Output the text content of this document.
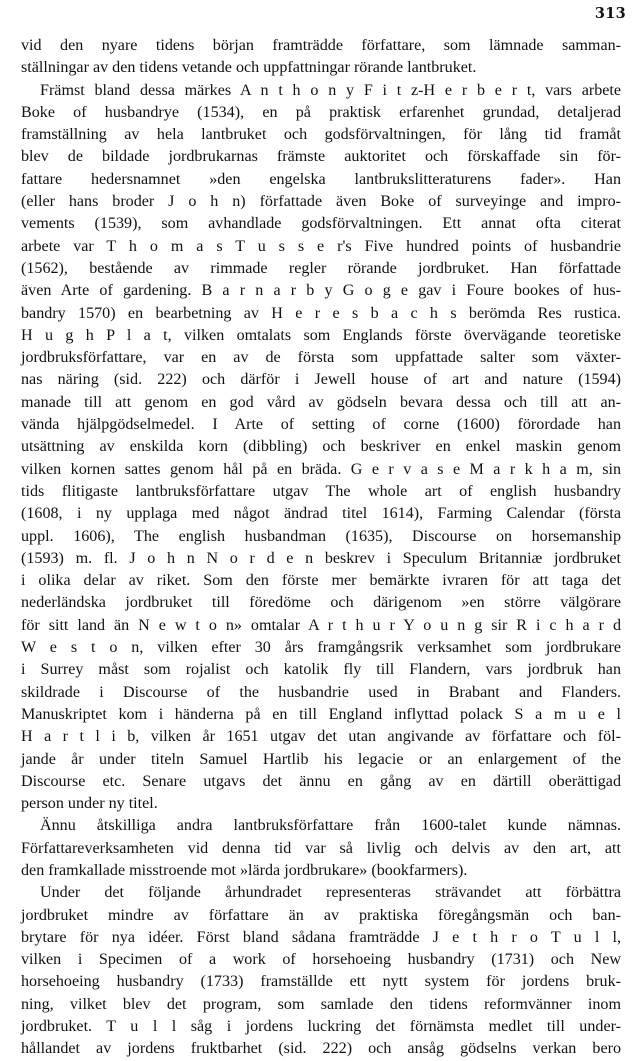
313
vid den nyare tidens början framträdde författare, som lämnade samman-
ställningar av den tidens vetande och uppfattningar rörande lantbruket.
Främst bland dessa märkes A n t h o n y F i t z-H e r b e r t, vars arbete
Boke of husbandrye (1534), en på praktisk erfarenhet grundad, detaljerad
framställning av hela lantbruket och godsförvaltningen, för lång tid framåt
blev de bildade jordbrukarnas främste auktoritet och förskaffade sin för-
fattare hedersnamnet »den engelska lantbrukslitteraturens fader». Han
(eller hans broder J o h n) författade även Boke of surveyinge and impro-
vements (1539), som avhandlade godsförvaltningen. Ett annat ofta citerat
arbete var T h o m a s T u s s e r's Five hundred points of husbandrie
(1562), bestående av rimmade regler rörande jordbruket. Han författade
även Arte of gardening. B a r n a r b y G o g e gav i Foure bookes of hus-
bandry 1570) en bearbetning av H e r e s b a c h s berömda Res rustica.
H u g h P l a t, vilken omtalats som Englands förste övervägande teoretiske
jordbruksförfattare, var en av de första som uppfattade salter som växter-
nas näring (sid. 222) och därför i Jewell house of art and nature (1594)
manade till att genom en god vård av gödseln bevara dessa och till att an-
vända hjälpgödselmedel. I Arte of setting of corne (1600) förordade han
utsättning av enskilda korn (dibbling) och beskriver en enkel maskin genom
vilken kornen sattes genom hål på en bräda. G e r v a s e M a r k h a m, sin
tids flitigaste lantbruksförfattare utgav The whole art of english husbandry
(1608, i ny upplaga med något ändrad titel 1614), Farming Calendar (första
uppl. 1606), The english husbandman (1635), Discourse on horsemanship
(1593) m. fl. J o h n N o r d e n beskrev i Speculum Britanniæ jordbruket
i olika delar av riket. Som den förste mer bemärkte ivraren för att taga det
nederländska jordbruket till föredöme och därigenom »en större välgörare
för sitt land än N e w t o n» omtalar A r t h u r Y o u n g sir R i c h a r d
W e s t o n, vilken efter 30 års framgångsrik verksamhet som jordbrukare
i Surrey måst som rojalist och katolik fly till Flandern, vars jordbruk han
skildrade i Discourse of the husbandrie used in Brabant and Flanders.
Manuskriptet kom i händerna på en till England inflyttad polack S a m u e l
H a r t l i b, vilken år 1651 utgav det utan angivande av författare och föl-
jande år under titeln Samuel Hartlib his legacie or an enlargement of the
Discourse etc. Senare utgavs det ännu en gång av en därtill oberättigad
person under ny titel.
Ännu åtskilliga andra lantbruksförfattare från 1600-talet kunde nämnas.
Författareverksamheten vid denna tid var så livlig och delvis av den art, att
den framkallade misstroende mot »lärda jordbrukare» (bookfarmers).
Under det följande århundradet representeras strävandet att förbättra
jordbruket mindre av författare än av praktiska föregångsmän och ban-
brytare för nya idéer. Först bland sådana framträdde J e t h r o T u l l,
vilken i Specimen of a work of horsehoeing husbandry (1731) och New
horsehoeing husbandry (1733) framställde ett nytt system för jordens bruk-
ning, vilket blev det program, som samlade den tidens reformvänner inom
jordbruket. T u l l såg i jordens luckring det förnämsta medlet till under-
hållandet av jordens fruktbarhet (sid. 222) och ansåg gödselns verkan bero
